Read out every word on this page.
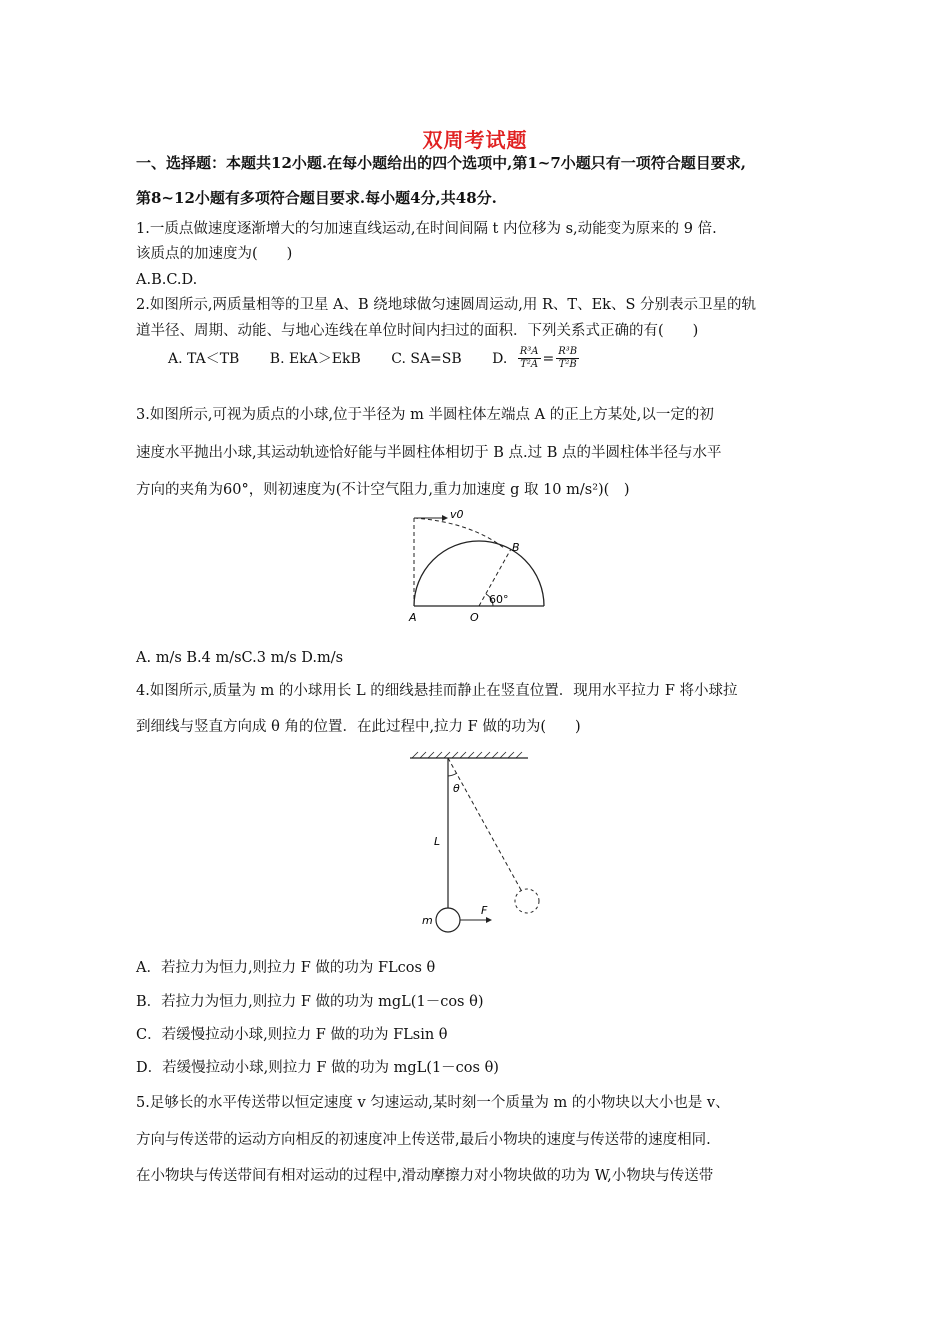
双周考试题
一、选择题：本题共12小题.在每小题给出的四个选项中,第1~7小题只有一项符合题目要求,
第8~12小题有多项符合题目要求.每小题4分,共48分.
1.一质点做速度逐渐增大的匀加速直线运动,在时间间隔 t 内位移为 s,动能变为原来的 9 倍.
该质点的加速度为(　　)
A.B.C.D.
2.如图所示,两质量相等的卫星 A、B 绕地球做匀速圆周运动,用 R、T、Ek、S 分别表示卫星的轨
道半径、周期、动能、与地心连线在单位时间内扫过的面积．下列关系式正确的有(　　)
A. TA＜TB B. EkA＞EkB C. SA=SB D. $\frac{\text{R³A}}{\text{T²A}} = \frac{\text{R³B}}{\text{T²B}}$
3.如图所示,可视为质点的小球,位于半径为 m 半圆柱体左端点 A 的正上方某处,以一定的初
速度水平抛出小球,其运动轨迹恰好能与半圆柱体相切于 B 点.过 B 点的半圆柱体半径与水平
方向的夹角为60°，则初速度为(不计空气阻力,重力加速度 g 取 10 m/s²)(　)
v0
B
A	O
60°
A. m/s B.4 m/sC.3 m/s D.m/s
4.如图所示,质量为 m 的小球用长 L 的细线悬挂而静止在竖直位置．现用水平拉力 F 将小球拉
到细线与竖直方向成 θ 角的位置．在此过程中,拉力 F 做的功为(　　)
θ
L
m
F
A．若拉力为恒力,则拉力 F 做的功为 FLcos θ
B．若拉力为恒力,则拉力 F 做的功为 mgL(1－cos θ)
C．若缓慢拉动小球,则拉力 F 做的功为 FLsin θ
D．若缓慢拉动小球,则拉力 F 做的功为 mgL(1－cos θ)
5.足够长的水平传送带以恒定速度 v 匀速运动,某时刻一个质量为 m 的小物块以大小也是 v、
方向与传送带的运动方向相反的初速度冲上传送带,最后小物块的速度与传送带的速度相同.
在小物块与传送带间有相对运动的过程中,滑动摩擦力对小物块做的功为 W,小物块与传送带
